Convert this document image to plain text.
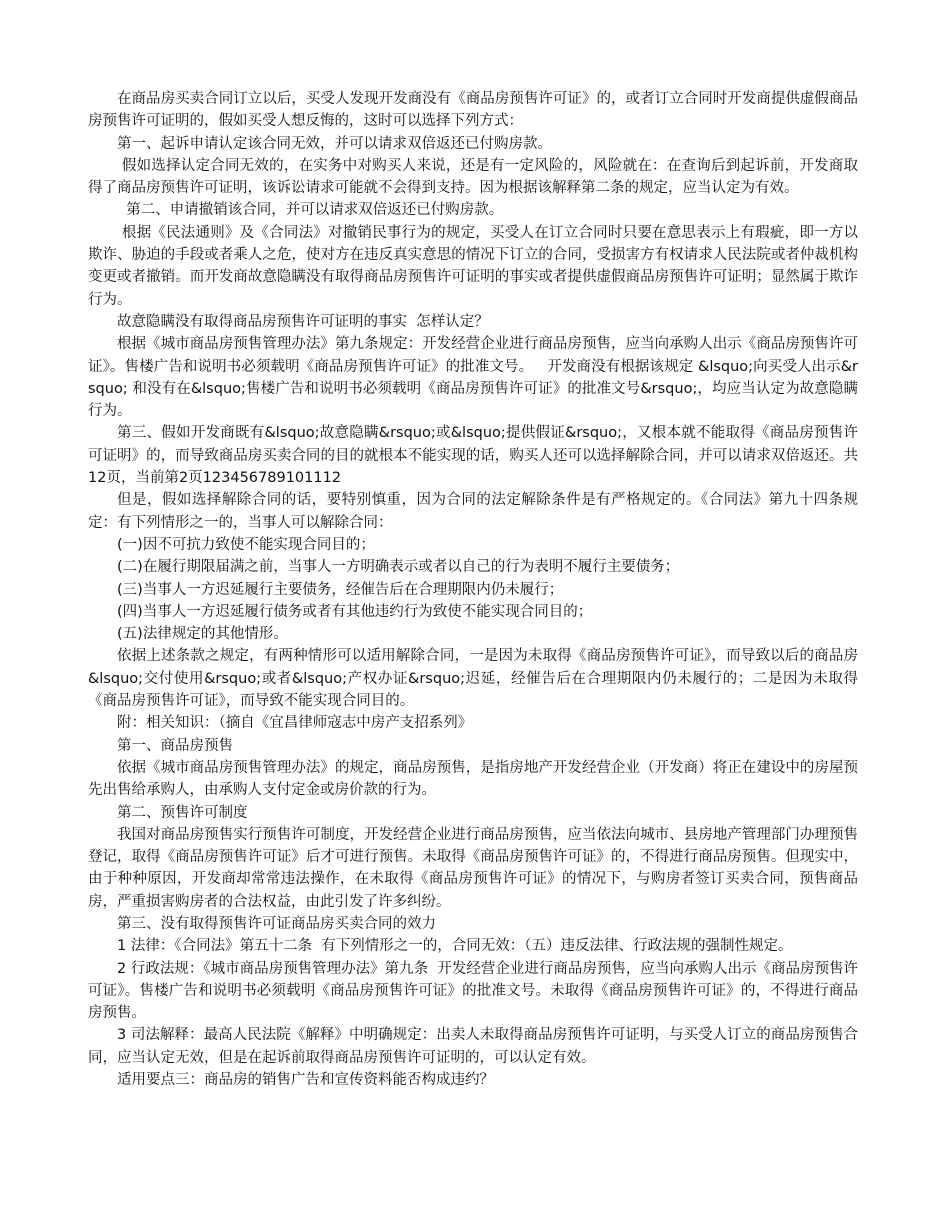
在商品房买卖合同订立以后，买受人发现开发商没有《商品房预售许可证》的，或者订立合同时开发商提供虚假商品房预售许可证明的，假如买受人想反悔的，这时可以选择下列方式：

第一、起诉申请认定该合同无效，并可以请求双倍返还已付购房款。

假如选择认定合同无效的，在实务中对购买人来说，还是有一定风险的，风险就在：在查询后到起诉前，开发商取得了商品房预售许可证明，该诉讼请求可能就不会得到支持。因为根据该解释第二条的规定，应当认定为有效。

第二、申请撤销该合同，并可以请求双倍返还已付购房款。

根据《民法通则》及《合同法》对撤销民事行为的规定，买受人在订立合同时只要在意思表示上有瑕疵，即一方以欺诈、胁迫的手段或者乘人之危，使对方在违反真实意思的情况下订立的合同，受损害方有权请求人民法院或者仲裁机构变更或者撤销。而开发商故意隐瞒没有取得商品房预售许可证明的事实或者提供虚假商品房预售许可证明；显然属于欺诈行为。

故意隐瞒没有取得商品房预售许可证明的事实  怎样认定？

根据《城市商品房预售管理办法》第九条规定：开发经营企业进行商品房预售，应当向承购人出示《商品房预售许可证》。售楼广告和说明书必须载明《商品房预售许可证》的批准文号。   开发商没有根据该规定 &lsquo;向买受人出示&rsquo; 和没有在&lsquo;售楼广告和说明书必须载明《商品房预售许可证》的批准文号&rsquo;，均应当认定为故意隐瞒行为。

第三、假如开发商既有&lsquo;故意隐瞒&rsquo;或&lsquo;提供假证&rsquo;，又根本就不能取得《商品房预售许可证明》的，而导致商品房买卖合同的目的就根本不能实现的话，购买人还可以选择解除合同，并可以请求双倍返还。共12页，当前第2页123456789101112

但是，假如选择解除合同的话，要特别慎重，因为合同的法定解除条件是有严格规定的。《合同法》第九十四条规定：有下列情形之一的，当事人可以解除合同：

(一)因不可抗力致使不能实现合同目的；

(二)在履行期限届满之前，当事人一方明确表示或者以自己的行为表明不履行主要债务；

(三)当事人一方迟延履行主要债务，经催告后在合理期限内仍未履行；

(四)当事人一方迟延履行债务或者有其他违约行为致使不能实现合同目的；

(五)法律规定的其他情形。

依据上述条款之规定，有两种情形可以适用解除合同，一是因为未取得《商品房预售许可证》，而导致以后的商品房&lsquo;交付使用&rsquo;或者&lsquo;产权办证&rsquo;迟延，经催告后在合理期限内仍未履行的；二是因为未取得《商品房预售许可证》，而导致不能实现合同目的。

附：相关知识：（摘自《宜昌律师寇志中房产支招系列》

第一、商品房预售

依据《城市商品房预售管理办法》的规定，商品房预售，是指房地产开发经营企业（开发商）将正在建设中的房屋预先出售给承购人，由承购人支付定金或房价款的行为。

第二、预售许可制度

我国对商品房预售实行预售许可制度，开发经营企业进行商品房预售，应当依法向城市、县房地产管理部门办理预售登记，取得《商品房预售许可证》后才可进行预售。未取得《商品房预售许可证》的，不得进行商品房预售。但现实中，由于种种原因，开发商却常常违法操作，在未取得《商品房预售许可证》的情况下，与购房者签订买卖合同，预售商品房，严重损害购房者的合法权益，由此引发了许多纠纷。

第三、没有取得预售许可证商品房买卖合同的效力

1 法律：《合同法》第五十二条  有下列情形之一的，合同无效：（五）违反法律、行政法规的强制性规定。

2 行政法规：《城市商品房预售管理办法》第九条  开发经营企业进行商品房预售，应当向承购人出示《商品房预售许可证》。售楼广告和说明书必须载明《商品房预售许可证》的批准文号。未取得《商品房预售许可证》的，不得进行商品房预售。

3 司法解释：最高人民法院《解释》中明确规定：出卖人未取得商品房预售许可证明，与买受人订立的商品房预售合同，应当认定无效，但是在起诉前取得商品房预售许可证明的，可以认定有效。

适用要点三：商品房的销售广告和宣传资料能否构成违约？
